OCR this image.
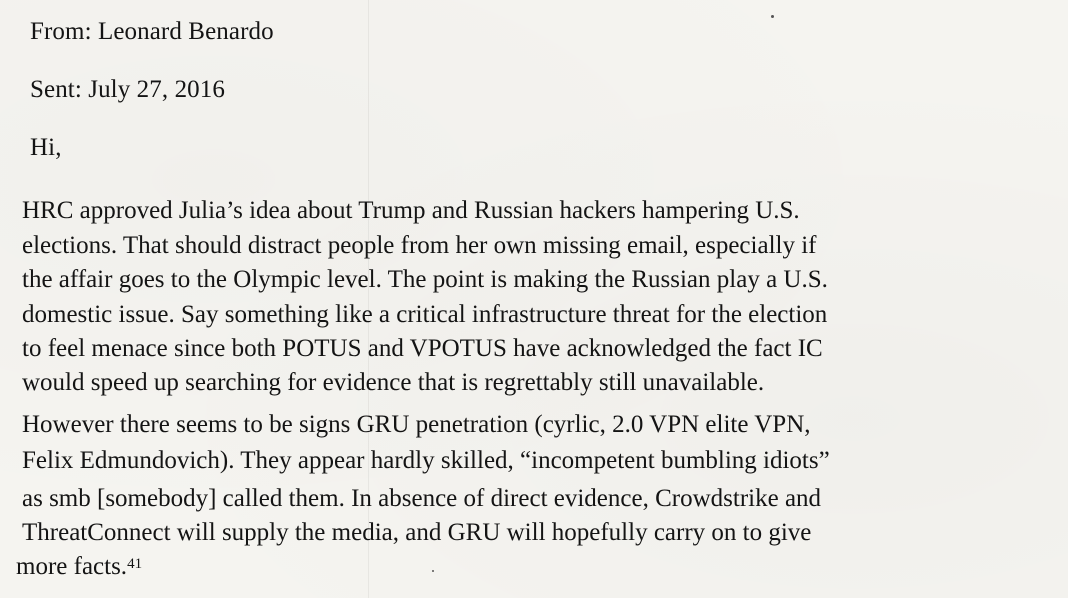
From: Leonard Benardo
Sent: July 27, 2016
Hi,
HRC approved Julia’s idea about Trump and Russian hackers hampering U.S.
elections. That should distract people from her own missing email, especially if
the affair goes to the Olympic level. The point is making the Russian play a U.S.
domestic issue. Say something like a critical infrastructure threat for the election
to feel menace since both POTUS and VPOTUS have acknowledged the fact IC
would speed up searching for evidence that is regrettably still unavailable.
However there seems to be signs GRU penetration (cyrlic, 2.0 VPN elite VPN,
Felix Edmundovich). They appear hardly skilled, “incompetent bumbling idiots”
as smb [somebody] called them. In absence of direct evidence, Crowdstrike and
ThreatConnect will supply the media, and GRU will hopefully carry on to give
more facts.$^{41}$
